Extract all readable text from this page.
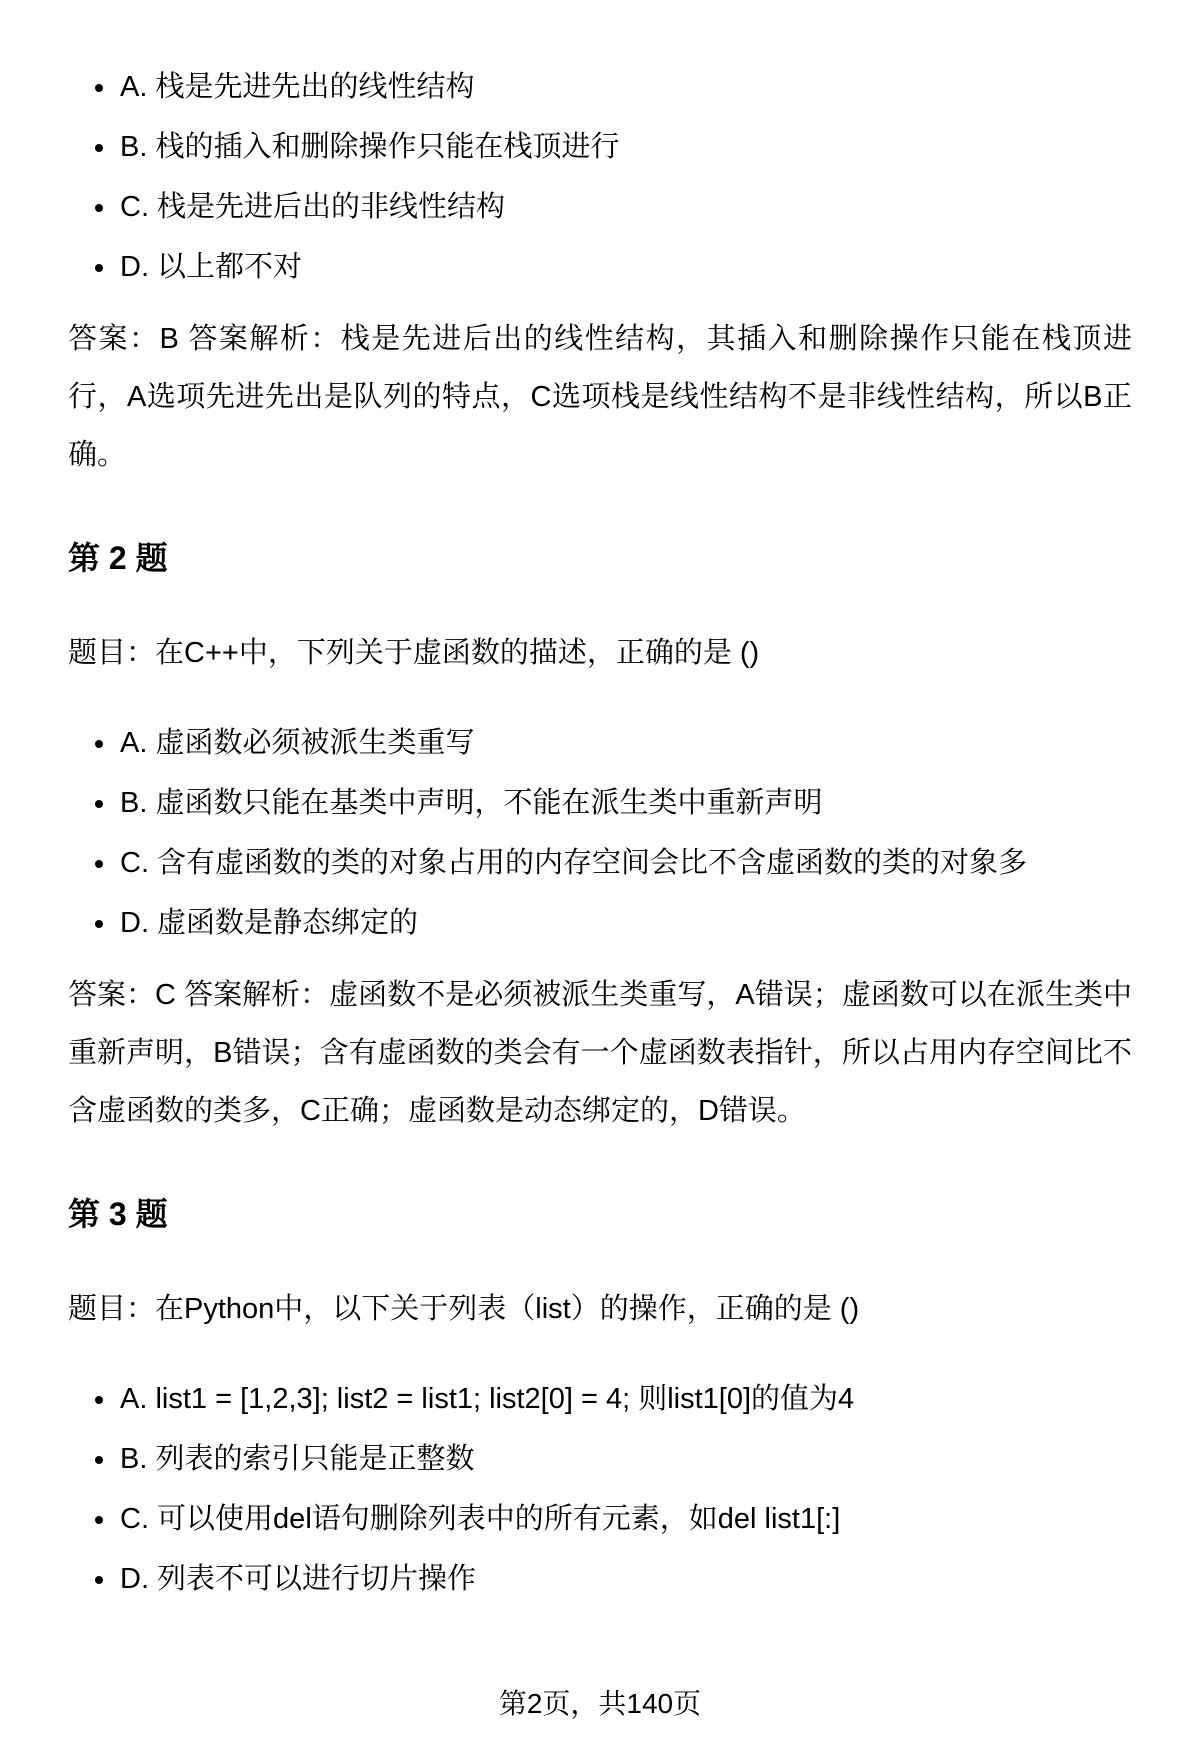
• A. 栈是先进先出的线性结构
• B. 栈的插入和删除操作只能在栈顶进行
• C. 栈是先进后出的非线性结构
• D. 以上都不对

答案：B 答案解析：栈是先进后出的线性结构，其插入和删除操作只能在栈顶进行，A选项先进先出是队列的特点，C选项栈是线性结构不是非线性结构，所以B正确。

第 2 题

题目：在C++中，下列关于虚函数的描述，正确的是 ()

• A. 虚函数必须被派生类重写
• B. 虚函数只能在基类中声明，不能在派生类中重新声明
• C. 含有虚函数的类的对象占用的内存空间会比不含虚函数的类的对象多
• D. 虚函数是静态绑定的

答案：C 答案解析：虚函数不是必须被派生类重写，A错误；虚函数可以在派生类中重新声明，B错误；含有虚函数的类会有一个虚函数表指针，所以占用内存空间比不含虚函数的类多，C正确；虚函数是动态绑定的，D错误。

第 3 题

题目：在Python中，以下关于列表（list）的操作，正确的是 ()

• A. list1 = [1,2,3]; list2 = list1; list2[0] = 4; 则list1[0]的值为4
• B. 列表的索引只能是正整数
• C. 可以使用del语句删除列表中的所有元素，如del list1[:]
• D. 列表不可以进行切片操作
第2页，共140页
